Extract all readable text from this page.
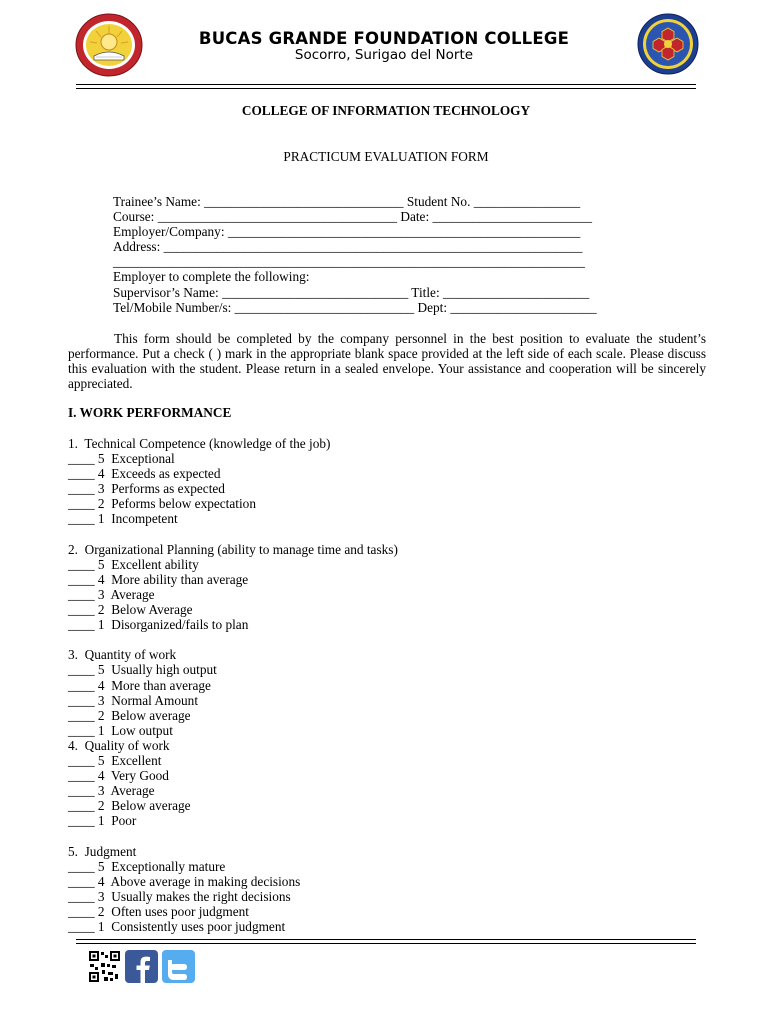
BUCAS GRANDE FOUNDATION COLLEGE
Socorro, Surigao del Norte
COLLEGE OF INFORMATION TECHNOLOGY
PRACTICUM EVALUATION FORM
Trainee’s Name: ______________________________ Student No. ________________
Course: ____________________________________ Date: ________________________
Employer/Company: _____________________________________________________
Address: _______________________________________________________________
_______________________________________________________________________
Employer to complete the following:
Supervisor’s Name: ____________________________ Title: ______________________
Tel/Mobile Number/s: ___________________________ Dept: ______________________
This form should be completed by the company personnel in the best position to evaluate the student’s performance. Put a check ( ) mark in the appropriate blank space provided at the left side of each scale. Please discuss this evaluation with the student. Please return in a sealed envelope. Your assistance and cooperation will be sincerely appreciated.
I. WORK PERFORMANCE
1.  Technical Competence (knowledge of the job)
____ 5  Exceptional
____ 4  Exceeds as expected
____ 3  Performs as expected
____ 2  Peforms below expectation
____ 1  Incompetent
2.  Organizational Planning (ability to manage time and tasks)
____ 5  Excellent ability
____ 4  More ability than average
____ 3  Average
____ 2  Below Average
____ 1  Disorganized/fails to plan
3.  Quantity of work
____ 5  Usually high output
____ 4  More than average
____ 3  Normal Amount
____ 2  Below average
____ 1  Low output
4.  Quality of work
____ 5  Excellent
____ 4  Very Good
____ 3  Average
____ 2  Below average
____ 1  Poor
5.  Judgment
____ 5  Exceptionally mature
____ 4  Above average in making decisions
____ 3  Usually makes the right decisions
____ 2  Often uses poor judgment
____ 1  Consistently uses poor judgment
